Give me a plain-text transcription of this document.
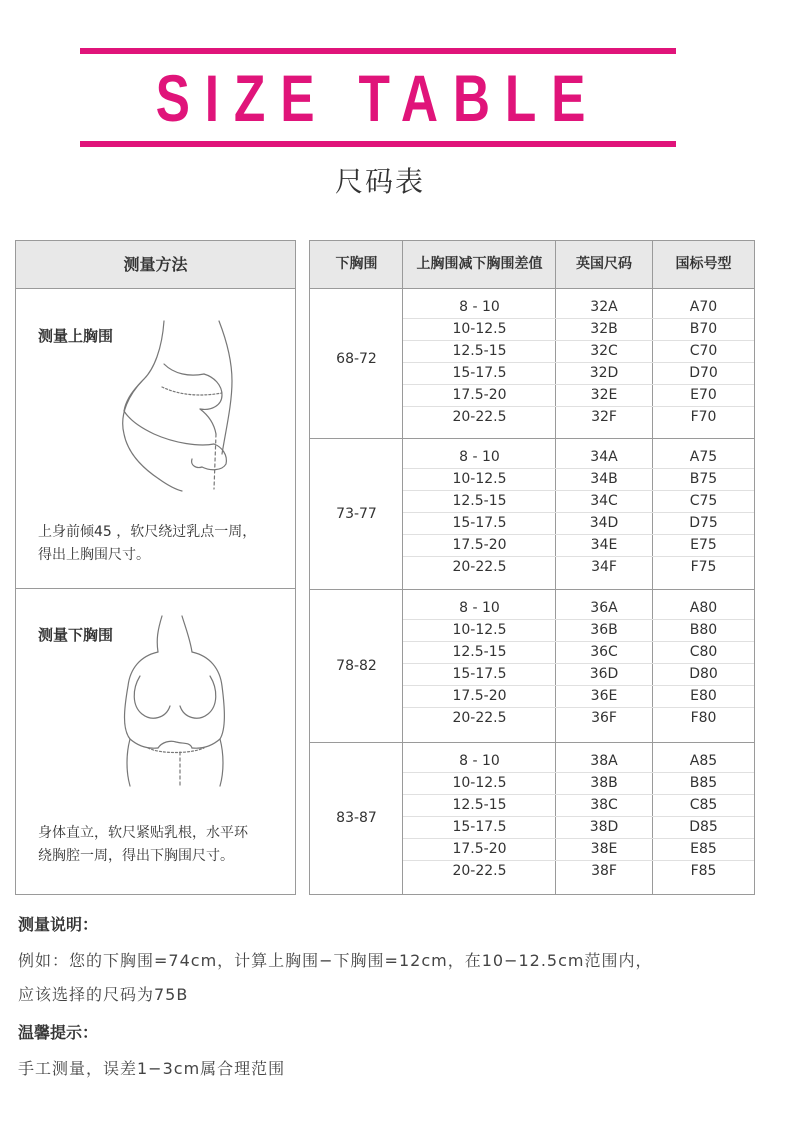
SIZE TABLE
尺码表
测量方法
测量上胸围
上身前倾45 ，软尺绕过乳点一周，
得出上胸围尺寸。
测量下胸围
身体直立，软尺紧贴乳根，水平环
绕胸腔一周，得出下胸围尺寸。
下胸围	上胸围减下胸围差值	英国尺码	国标号型
68-72
8 - 10	32A	A70
10-12.5	32B	B70
12.5-15	32C	C70
15-17.5	32D	D70
17.5-20	32E	E70
20-22.5	32F	F70
73-77
8 - 10	34A	A75
10-12.5	34B	B75
12.5-15	34C	C75
15-17.5	34D	D75
17.5-20	34E	E75
20-22.5	34F	F75
78-82
8 - 10	36A	A80
10-12.5	36B	B80
12.5-15	36C	C80
15-17.5	36D	D80
17.5-20	36E	E80
20-22.5	36F	F80
83-87
8 - 10	38A	A85
10-12.5	38B	B85
12.5-15	38C	C85
15-17.5	38D	D85
17.5-20	38E	E85
20-22.5	38F	F85
测量说明：
例如：您的下胸围=74cm，计算上胸围−下胸围=12cm，在10−12.5cm范围内，
应该选择的尺码为75B
温馨提示：
手工测量，误差1−3cm属合理范围
